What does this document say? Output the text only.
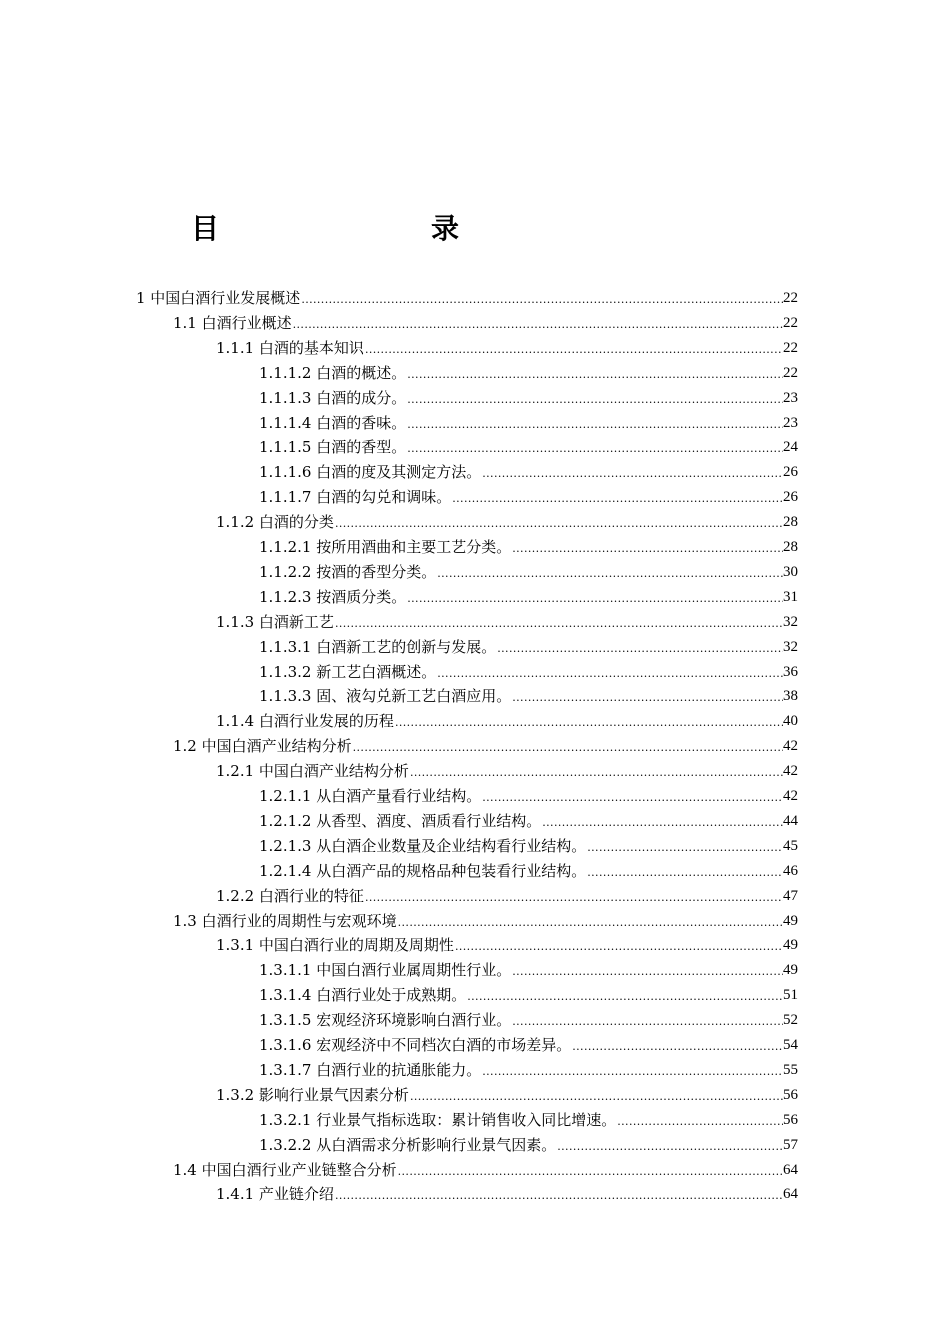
目　　录
1 中国白酒行业发展概述 .....	22
1.1 白酒行业概述 .....	22
1.1.1 白酒的基本知识 .....	22
1.1.1.2 白酒的概述。 .....	22
1.1.1.3 白酒的成分。 .....	23
1.1.1.4 白酒的香味。 .....	23
1.1.1.5 白酒的香型。 .....	24
1.1.1.6 白酒的度及其测定方法。 .....	26
1.1.1.7 白酒的勾兑和调味。 .....	26
1.1.2 白酒的分类 .....	28
1.1.2.1 按所用酒曲和主要工艺分类。 .....	28
1.1.2.2 按酒的香型分类。 .....	30
1.1.2.3 按酒质分类。 .....	31
1.1.3 白酒新工艺 .....	32
1.1.3.1 白酒新工艺的创新与发展。 .....	32
1.1.3.2 新工艺白酒概述。 .....	36
1.1.3.3 固、液勾兑新工艺白酒应用。 .....	38
1.1.4 白酒行业发展的历程 .....	40
1.2 中国白酒产业结构分析 .....	42
1.2.1 中国白酒产业结构分析 .....	42
1.2.1.1 从白酒产量看行业结构。 .....	42
1.2.1.2 从香型、酒度、酒质看行业结构。 .....	44
1.2.1.3 从白酒企业数量及企业结构看行业结构。 .....	45
1.2.1.4 从白酒产品的规格品种包装看行业结构。 .....	46
1.2.2 白酒行业的特征 .....	47
1.3 白酒行业的周期性与宏观环境 .....	49
1.3.1 中国白酒行业的周期及周期性 .....	49
1.3.1.1 中国白酒行业属周期性行业。 .....	49
1.3.1.4 白酒行业处于成熟期。 .....	51
1.3.1.5 宏观经济环境影响白酒行业。 .....	52
1.3.1.6 宏观经济中不同档次白酒的市场差异。 .....	54
1.3.1.7 白酒行业的抗通胀能力。 .....	55
1.3.2 影响行业景气因素分析 .....	56
1.3.2.1 行业景气指标选取：累计销售收入同比增速。 .....	56
1.3.2.2 从白酒需求分析影响行业景气因素。 .....	57
1.4 中国白酒行业产业链整合分析 .....	64
1.4.1 产业链介绍 .....	64
